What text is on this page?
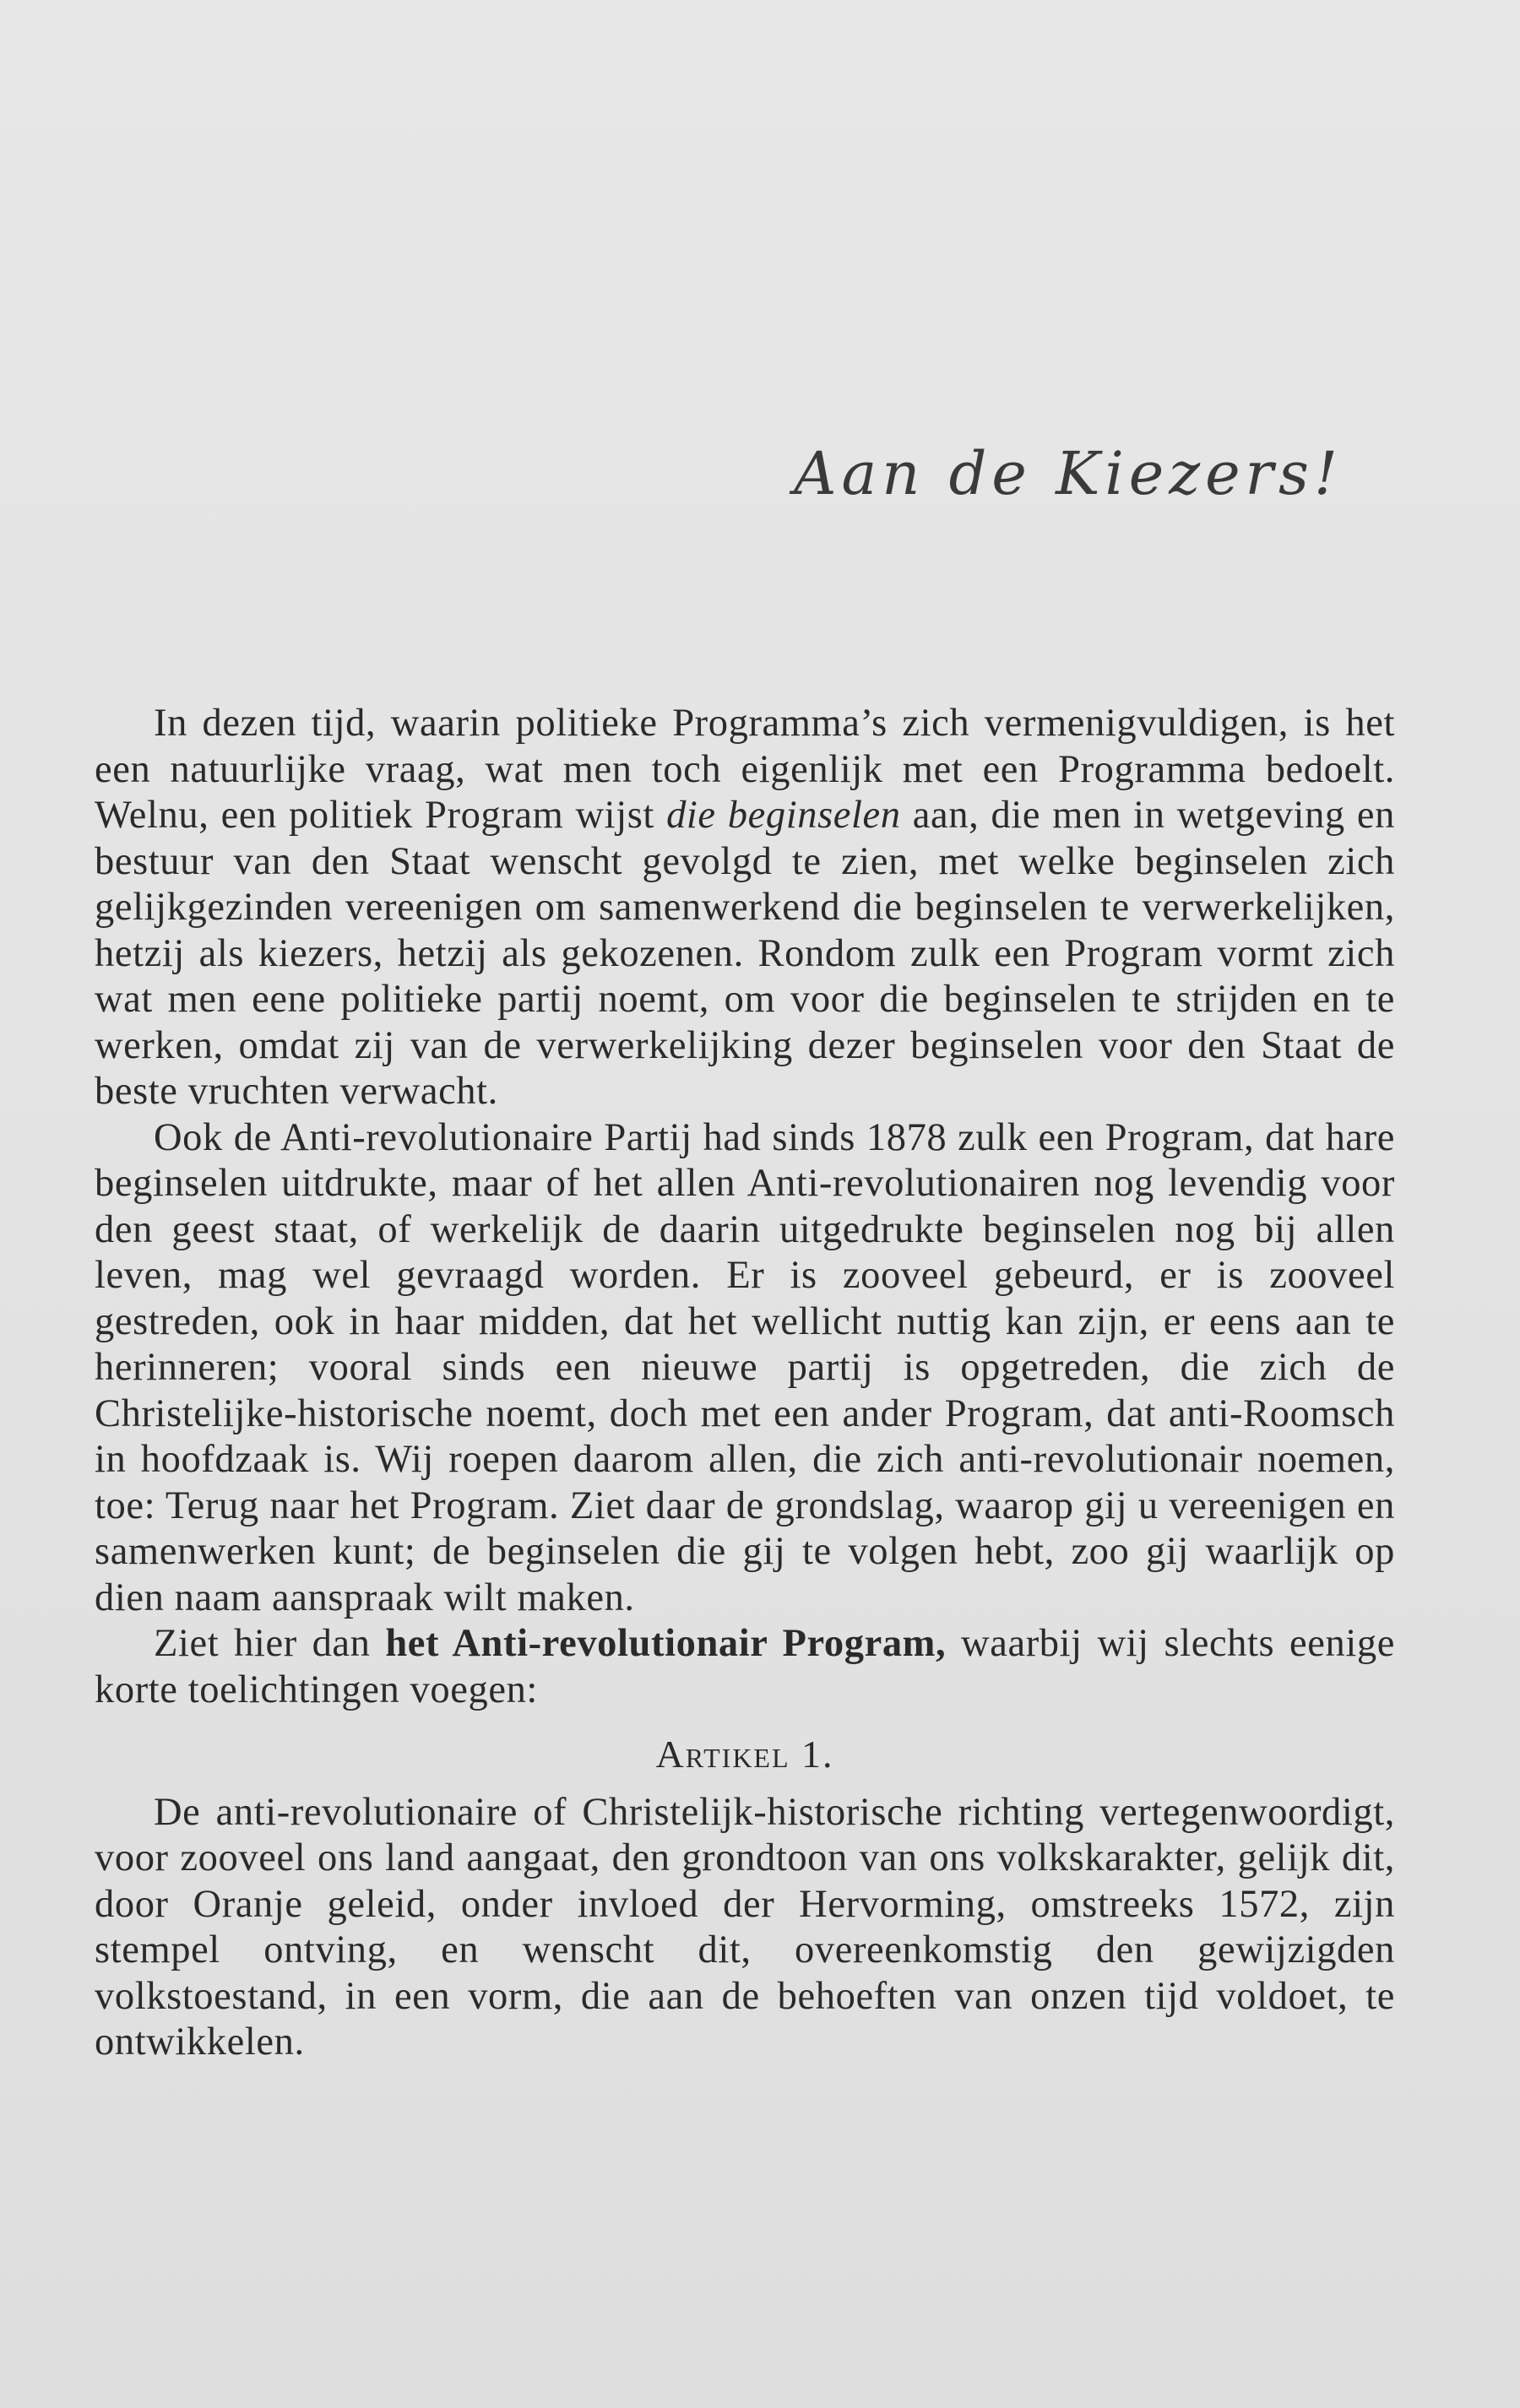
Aan de Kiezers!

In dezen tijd, waarin politieke Programma’s zich vermenigvuldigen, is het een natuurlijke vraag, wat men toch eigenlijk met een Programma bedoelt. Welnu, een politiek Program wijst die beginselen aan, die men in wetgeving en bestuur van den Staat wenscht gevolgd te zien, met welke beginselen zich gelijkgezinden vereenigen om samenwerkend die beginselen te verwerkelijken, hetzij als kiezers, hetzij als gekozenen. Rondom zulk een Program vormt zich wat men eene politieke partij noemt, om voor die beginselen te strijden en te werken, omdat zij van de verwerkelijking dezer beginselen voor den Staat de beste vruchten verwacht.

Ook de Anti-revolutionaire Partij had sinds 1878 zulk een Program, dat hare beginselen uitdrukte, maar of het allen Anti-revolutionairen nog levendig voor den geest staat, of werkelijk de daarin uitgedrukte beginselen nog bij allen leven, mag wel gevraagd worden. Er is zooveel gebeurd, er is zooveel gestreden, ook in haar midden, dat het wellicht nuttig kan zijn, er eens aan te herinneren; vooral sinds een nieuwe partij is opgetreden, die zich de Christelijke-historische noemt, doch met een ander Program, dat anti-Roomsch in hoofdzaak is. Wij roepen daarom allen, die zich anti-revolutionair noemen, toe: Terug naar het Program. Ziet daar de grondslag, waarop gij u vereenigen en samenwerken kunt; de beginselen die gij te volgen hebt, zoo gij waarlijk op dien naam aanspraak wilt maken.

Ziet hier dan het Anti-revolutionair Program, waarbij wij slechts eenige korte toelichtingen voegen:

Artikel 1.

De anti-revolutionaire of Christelijk-historische richting vertegenwoordigt, voor zooveel ons land aangaat, den grondtoon van ons volkskarakter, gelijk dit, door Oranje geleid, onder invloed der Hervorming, omstreeks 1572, zijn stempel ontving, en wenscht dit, overeenkomstig den gewijzigden volkstoestand, in een vorm, die aan de behoeften van onzen tijd voldoet, te ontwikkelen.
